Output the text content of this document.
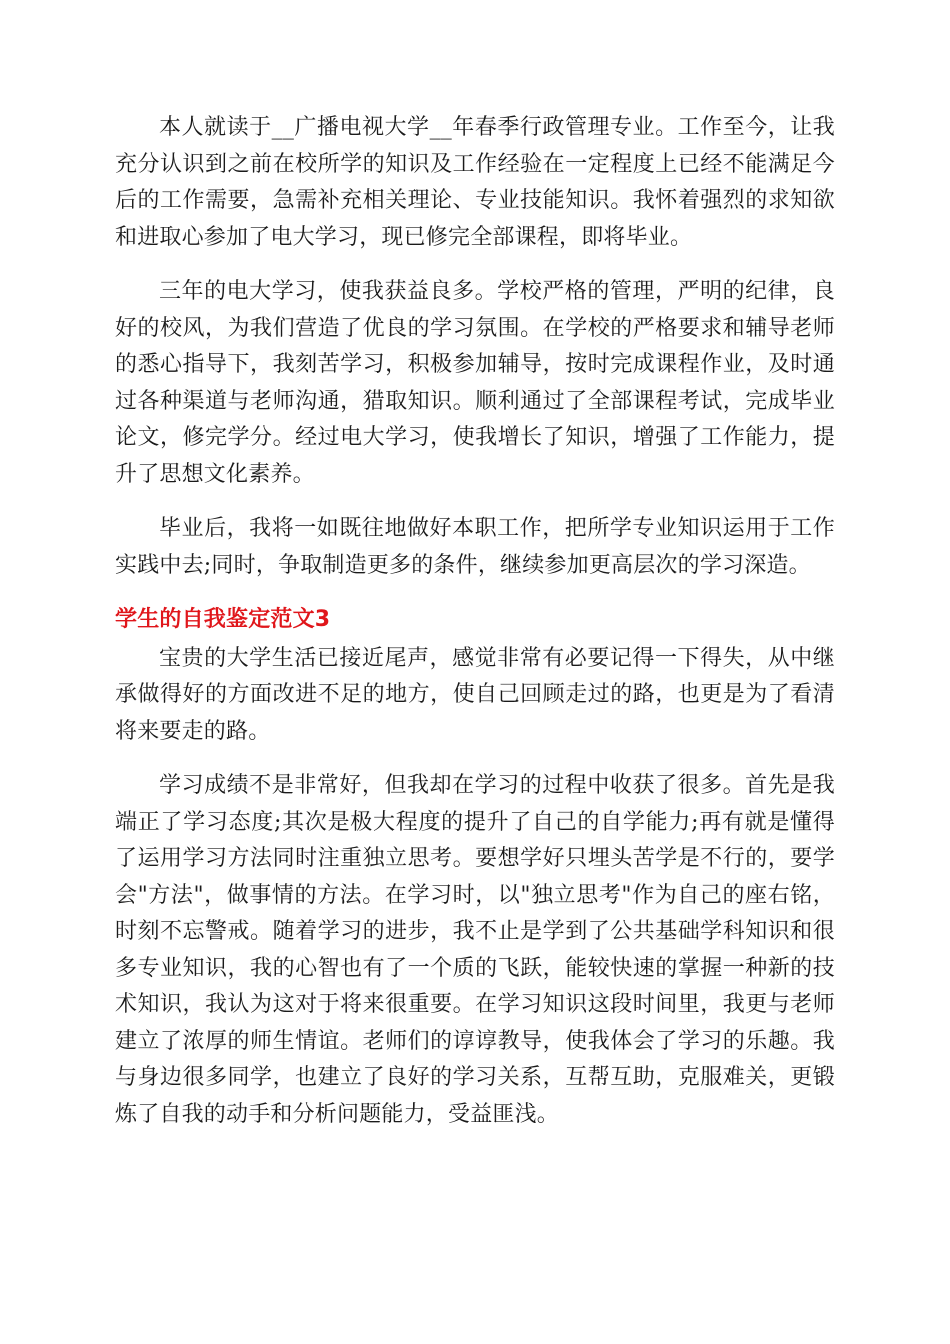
本人就读于__广播电视大学__年春季行政管理专业。工作至今，让我充分认识到之前在校所学的知识及工作经验在一定程度上已经不能满足今后的工作需要，急需补充相关理论、专业技能知识。我怀着强烈的求知欲和进取心参加了电大学习，现已修完全部课程，即将毕业。

三年的电大学习，使我获益良多。学校严格的管理，严明的纪律，良好的校风，为我们营造了优良的学习氛围。在学校的严格要求和辅导老师的悉心指导下，我刻苦学习，积极参加辅导，按时完成课程作业，及时通过各种渠道与老师沟通，猎取知识。顺利通过了全部课程考试，完成毕业论文，修完学分。经过电大学习，使我增长了知识，增强了工作能力，提升了思想文化素养。

毕业后，我将一如既往地做好本职工作，把所学专业知识运用于工作实践中去;同时，争取制造更多的条件，继续参加更高层次的学习深造。

学生的自我鉴定范文3

宝贵的大学生活已接近尾声，感觉非常有必要记得一下得失，从中继承做得好的方面改进不足的地方，使自己回顾走过的路，也更是为了看清将来要走的路。

学习成绩不是非常好，但我却在学习的过程中收获了很多。首先是我端正了学习态度;其次是极大程度的提升了自己的自学能力;再有就是懂得了运用学习方法同时注重独立思考。要想学好只埋头苦学是不行的，要学会"方法"，做事情的方法。在学习时，以"独立思考"作为自己的座右铭，时刻不忘警戒。随着学习的进步，我不止是学到了公共基础学科知识和很多专业知识，我的心智也有了一个质的飞跃，能较快速的掌握一种新的技术知识，我认为这对于将来很重要。在学习知识这段时间里，我更与老师建立了浓厚的师生情谊。老师们的谆谆教导，使我体会了学习的乐趣。我与身边很多同学，也建立了良好的学习关系，互帮互助，克服难关，更锻炼了自我的动手和分析问题能力，受益匪浅。
